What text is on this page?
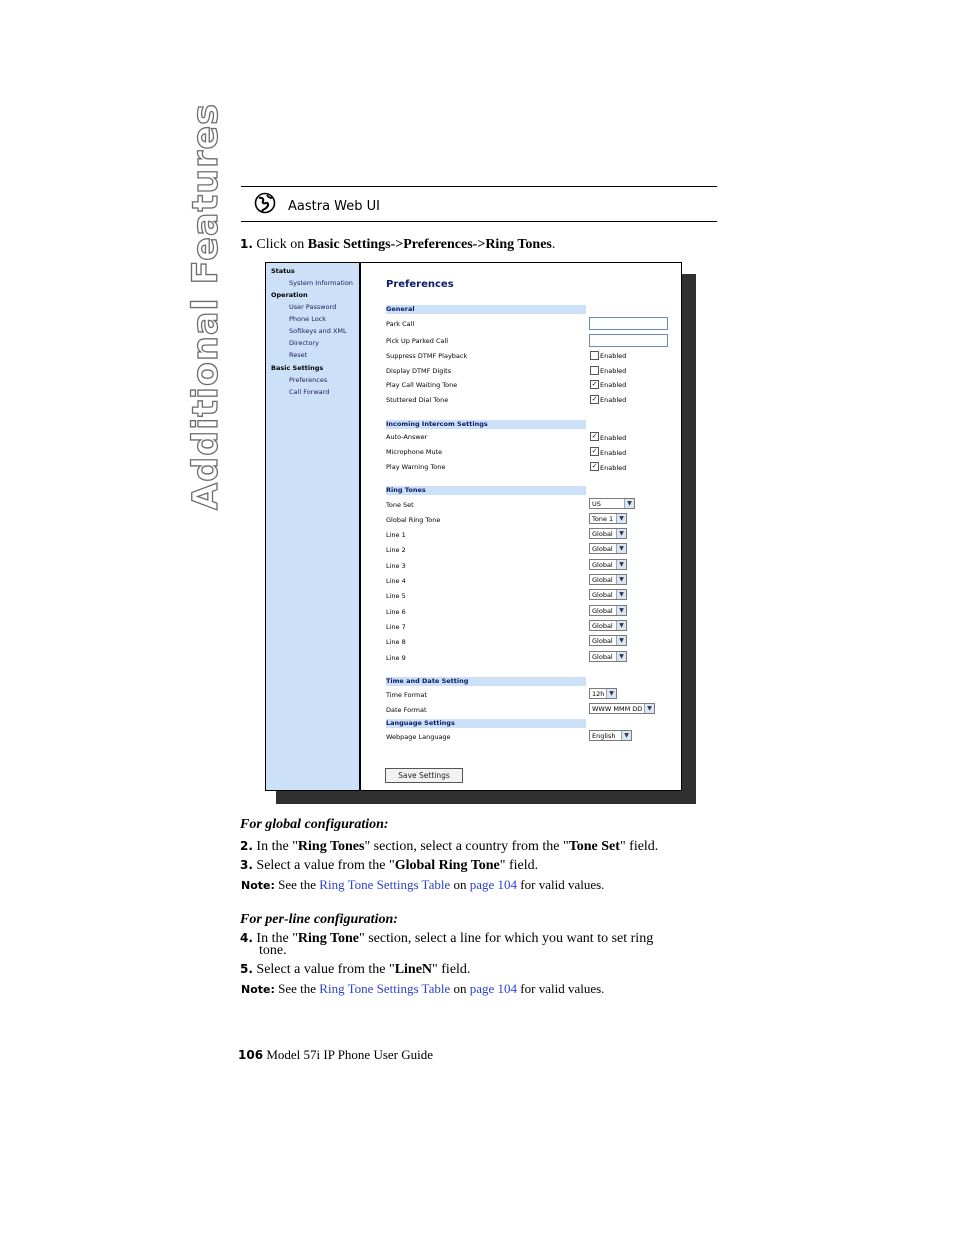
Additional Features	Aastra Web UI
1. Click on Basic Settings->Preferences->Ring Tones.
Status
System Information
Operation
User Password
Phone Lock
Softkeys and XML
Directory
Reset
Basic Settings
Preferences
Call Forward
Preferences
General
Park Call
Pick Up Parked Call
Suppress DTMF Playback	Enabled
Display DTMF Digits	Enabled
Play Call Waiting Tone	✓ Enabled
Stuttered Dial Tone	✓ Enabled
Incoming Intercom Settings
Auto-Answer	✓ Enabled
Microphone Mute	✓ Enabled
Play Warning Tone	✓ Enabled
Ring Tones
Tone Set	US	▼
Global Ring Tone	Tone 1	▼
Line 1	Global	▼
Line 2	Global	▼
Line 3	Global	▼
Line 4	Global	▼
Line 5	Global	▼
Line 6	Global	▼
Line 7	Global	▼
Line 8	Global	▼
Line 9	Global	▼
Time and Date Setting
Time Format	12h ▼
Date Format	WWW MMM DD ▼
Language Settings
Webpage Language	English	▼
Save Settings
For global configuration:
2. In the "Ring Tones" section, select a country from the "Tone Set" field.
3. Select a value from the "Global Ring Tone" field.
Note: See the Ring Tone Settings Table on page 104 for valid values.
For per-line configuration:
4. In the "Ring Tone" section, select a line for which you want to set ring
tone.
5. Select a value from the "LineN" field.
Note: See the Ring Tone Settings Table on page 104 for valid values.
106 Model 57i IP Phone User Guide
